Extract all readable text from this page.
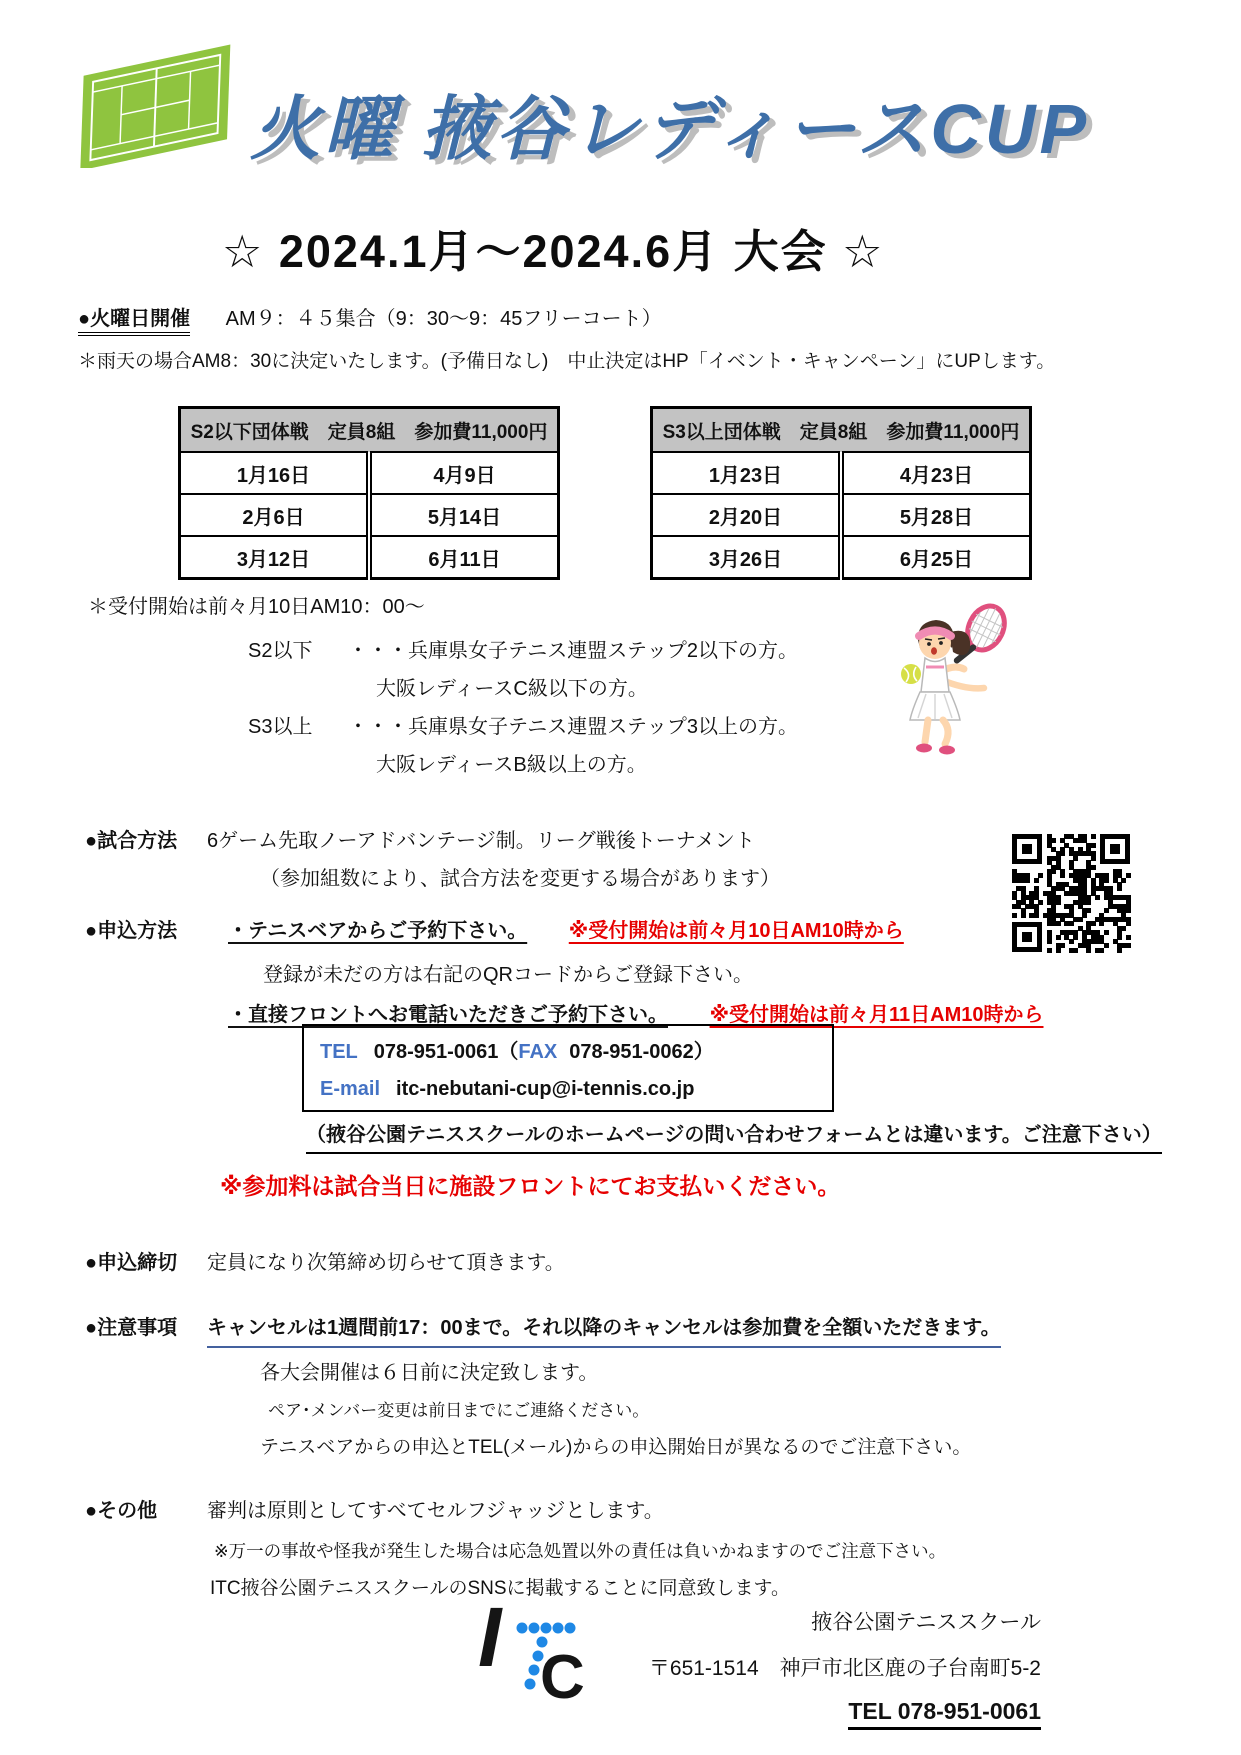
火曜 掖谷レディースCUP
☆ 2024.1月～2024.6月 大会 ☆
●火曜日開催 AM９：４５集合（9：30～9：45フリーコート）
＊雨天の場合AM8：30に決定いたします。(予備日なし)　中止決定はHP「イベント・キャンペーン」にUPします。
S2以下団体戦　定員8組　参加費11,000円	
1月16日	4月9日
2月6日	5月14日
3月12日	6月11日
S3以上団体戦　定員8組　参加費11,000円	
1月23日	4月23日
2月20日	5月28日
3月26日	6月25日
＊受付開始は前々月10日AM10：00～
S2以下 ・・・兵庫県女子テニス連盟ステップ2以下の方。
大阪レディースC級以下の方。
S3以上 ・・・兵庫県女子テニス連盟ステップ3以上の方。
大阪レディースB級以上の方。
●試合方法 6ゲーム先取ノーアドバンテージ制。リーグ戦後トーナメント
（参加組数により、試合方法を変更する場合があります）
●申込方法	・テニスベアからご予約下さい。 ※受付開始は前々月10日AM10時から
登録が未だの方は右記のQRコードからご登録下さい。
・直接フロントへお電話いただきご予約下さい。 ※受付開始は前々月11日AM10時から
TEL 078-951-0061（FAX 078-951-0062）
E-mail itc-nebutani-cup@i-tennis.co.jp
（掖谷公園テニススクールのホームページの問い合わせフォームとは違います。ご注意下さい）
※参加料は試合当日に施設フロントにてお支払いください。
●申込締切 定員になり次第締め切らせて頂きます。
●注意事項 キャンセルは1週間前17：00まで。それ以降のキャンセルは参加費を全額いただきます。
各大会開催は６日前に決定致します。
ペア･メンバー変更は前日までにご連絡ください。
テニスベアからの申込とTEL(メール)からの申込開始日が異なるのでご注意下さい。
●その他 審判は原則としてすべてセルフジャッジとします。
※万一の事故や怪我が発生した場合は応急処置以外の責任は負いかねますのでご注意下さい。
ITC掖谷公園テニススクールのSNSに掲載することに同意致します。
I C
掖谷公園テニススクール
〒651-1514　神戸市北区鹿の子台南町5-2
TEL 078-951-0061
